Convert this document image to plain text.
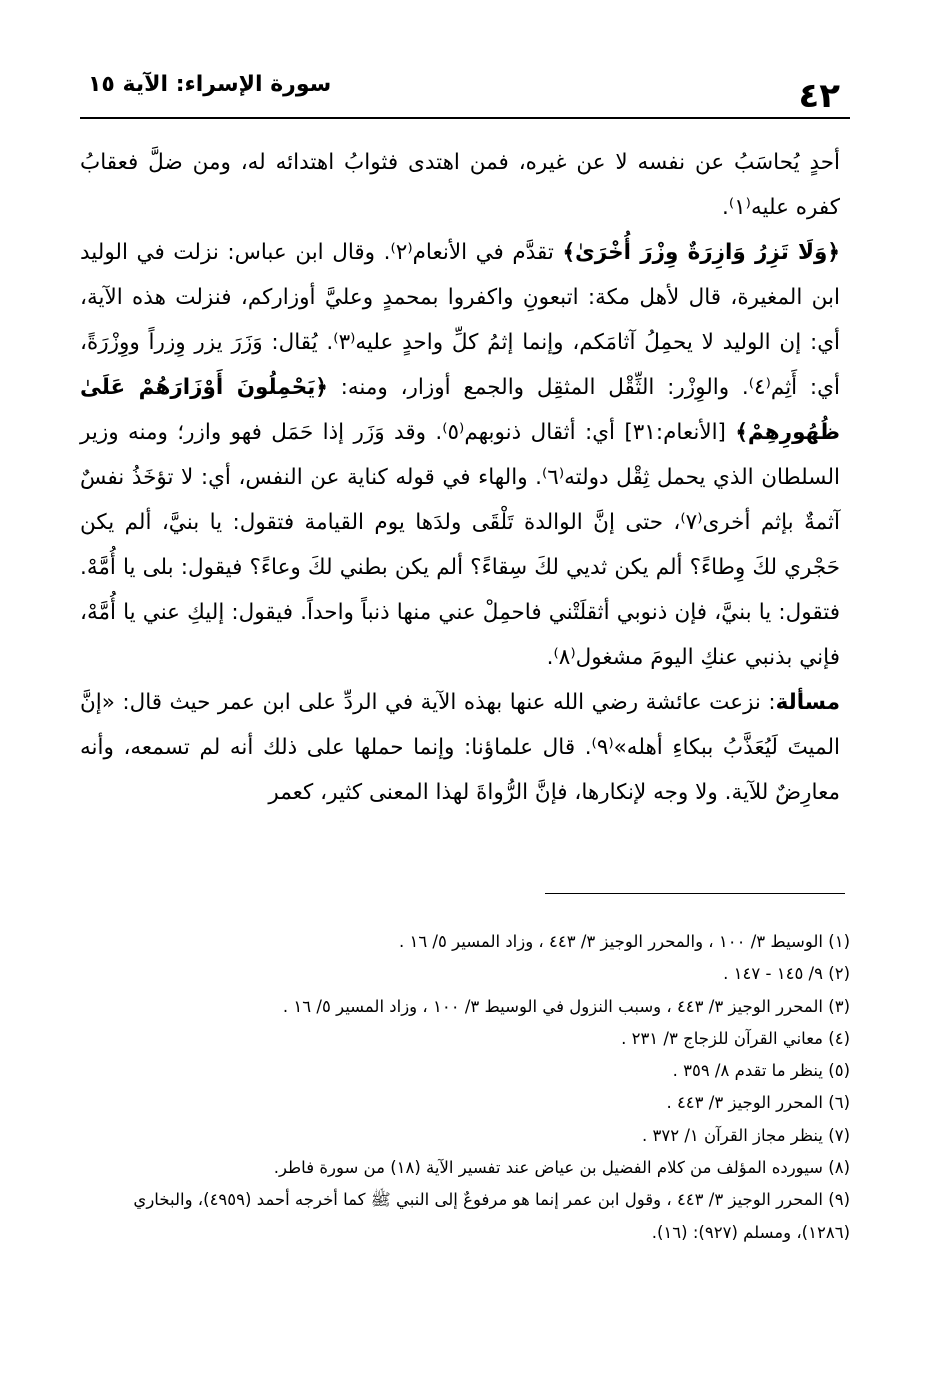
سورة الإسراء: الآية ١٥	٤٢

أحدٍ يُحاسَبُ عن نفسه لا عن غيره، فمن اهتدى فثوابُ اهتدائه له، ومن ضلَّ فعقابُ كفره عليه⁽١⁾.

﴿وَلَا تَزِرُ وَازِرَةٌ وِزْرَ أُخْرَىٰ﴾ تقدَّم في الأنعام⁽٢⁾. وقال ابن عباس: نزلت في الوليد ابن المغيرة، قال لأهل مكة: اتبعونِ واكفروا بمحمدٍ وعليَّ أوزاركم، فنزلت هذه الآية، أي: إن الوليد لا يحمِلُ آثامَكم، وإنما إثمُ كلِّ واحدٍ عليه⁽٣⁾. يُقال: وَزَرَ يزر وِزراً ووِزْرَةً، أي: أَثِم⁽٤⁾. والوِزْر: الثِّقْل المثقِل والجمع أوزار، ومنه: ﴿يَحْمِلُونَ أَوْزَارَهُمْ عَلَىٰ ظُهُورِهِمْ﴾ [الأنعام:٣١] أي: أثقال ذنوبهم⁽٥⁾. وقد وَزَر إذا حَمَل فهو وازر؛ ومنه وزير السلطان الذي يحمل ثِقْل دولته⁽٦⁾. والهاء في قوله كناية عن النفس، أي: لا تؤخَذُ نفسٌ آثمةٌ بإثم أخرى⁽٧⁾، حتى إنَّ الوالدة تَلْقَى ولدَها يوم القيامة فتقول: يا بنيَّ، ألم يكن حَجْري لكَ وِطاءً؟ ألم يكن ثديي لكَ سِقاءً؟ ألم يكن بطني لكَ وعاءً؟ فيقول: بلى يا أُمَّهْ. فتقول: يا بنيَّ، فإن ذنوبي أثقلَتْني فاحمِلْ عني منها ذنباً واحداً. فيقول: إليكِ عني يا أُمَّهْ، فإني بذنبي عنكِ اليومَ مشغول⁽٨⁾.

مسألة: نزعت عائشة رضي الله عنها بهذه الآية في الردِّ على ابن عمر حيث قال: «إنَّ الميتَ لَيُعَذَّبُ ببكاءِ أهله»⁽٩⁾. قال علماؤنا: وإنما حملها على ذلك أنه لم تسمعه، وأنه معارِضٌ للآية. ولا وجه لإنكارها، فإنَّ الرُّواةَ لهذا المعنى كثير، كعمر

(١) الوسيط ٣/ ١٠٠ ، والمحرر الوجيز ٣/ ٤٤٣ ، وزاد المسير ٥/ ١٦ .
(٢) ٩/ ١٤٥ - ١٤٧ .
(٣) المحرر الوجيز ٣/ ٤٤٣ ، وسبب النزول في الوسيط ٣/ ١٠٠ ، وزاد المسير ٥/ ١٦ .
(٤) معاني القرآن للزجاج ٣/ ٢٣١ .
(٥) ينظر ما تقدم ٨/ ٣٥٩ .
(٦) المحرر الوجيز ٣/ ٤٤٣ .
(٧) ينظر مجاز القرآن ١/ ٣٧٢ .
(٨) سيورده المؤلف من كلام الفضيل بن عياض عند تفسير الآية (١٨) من سورة فاطر.
(٩) المحرر الوجيز ٣/ ٤٤٣ ، وقول ابن عمر إنما هو مرفوعٌ إلى النبي ﷺ كما أخرجه أحمد (٤٩٥٩)، والبخاري (١٢٨٦)، ومسلم (٩٢٧): (١٦).
